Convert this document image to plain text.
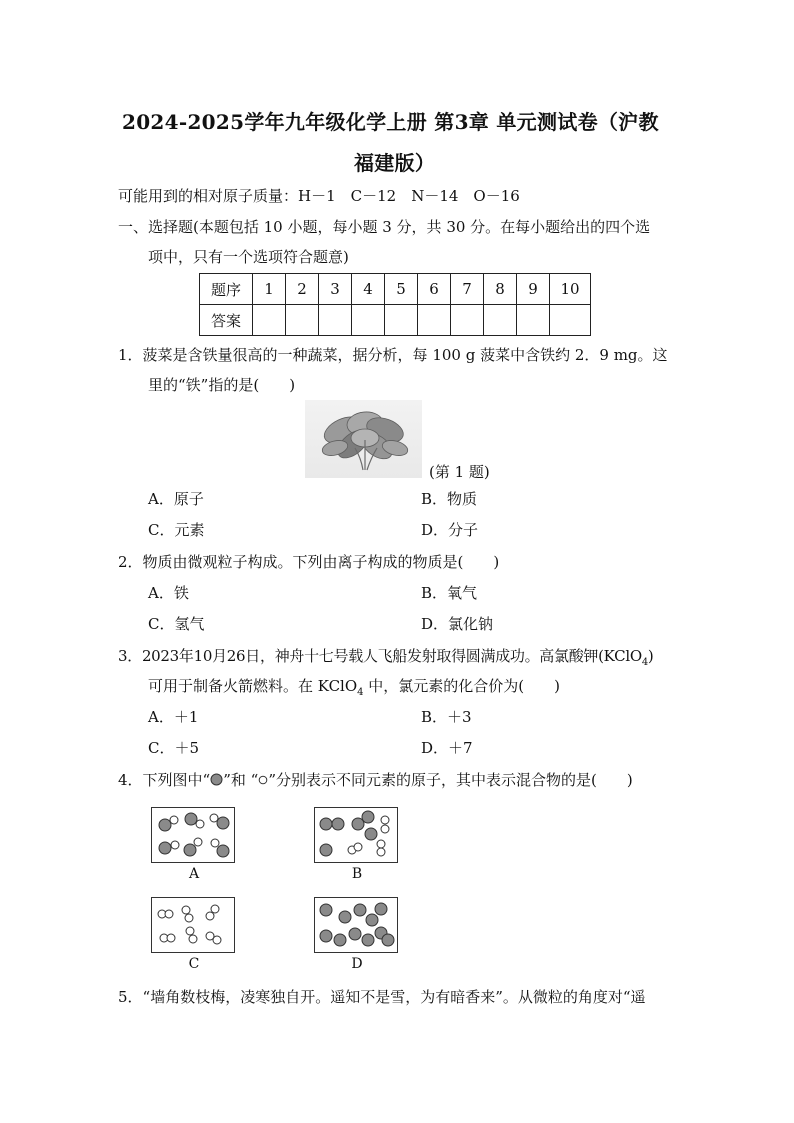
2024-2025学年九年级化学上册 第3章 单元测试卷（沪教
福建版）
可能用到的相对原子质量：H－1　C－12　N－14　O－16
一、选择题(本题包括 10 小题，每小题 3 分，共 30 分。在每小题给出的四个选
项中，只有一个选项符合题意)
题序	1	2	3	4	5	6	7	8	9	10
答案										
1．菠菜是含铁量很高的一种蔬菜，据分析，每 100 g 菠菜中含铁约 2．9 mg。这
里的“铁”指的是(　　)
(第 1 题)
A．原子	B．物质
C．元素	D．分子
2．物质由微观粒子构成。下列由离子构成的物质是(　　)
A．铁	B．氧气
C．氢气	D．氯化钠
3．2023年10月26日，神舟十七号载人飞船发射取得圆满成功。高氯酸钾(KClO$_4$)
可用于制备火箭燃料。在 KClO$_4$ 中，氯元素的化合价为(　　)
A．＋1	B．＋3
C．＋5	D．＋7
4．下列图中“ ”和 “ ”分别表示不同元素的原子，其中表示混合物的是(　　)
A	B
C	D
5．“墙角数枝梅，凌寒独自开。遥知不是雪，为有暗香来”。从微粒的角度对“遥
